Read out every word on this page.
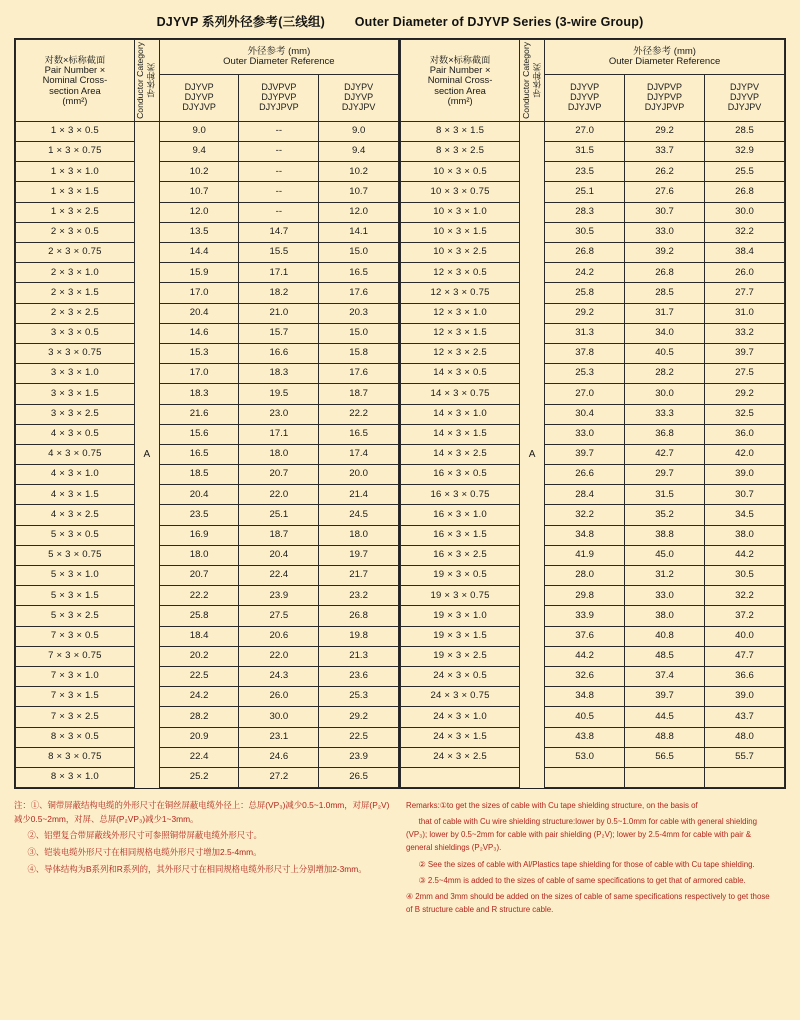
DJYVP 系列外径参考(三线组) Outer Diameter of DJYVP Series (3-wire Group)
对数×标称截面
Pair Number ×
Nominal Cross-
section Area
(mm²)	Conductor Category 导体种类

外径参考 (mm)
Outer Diameter Reference

DJYVP
DJYVP
DJYJVP

DJVPVP
DJYPVP
DJYJPVP

DJYPV
DJYVP
DJYJPV

1 × 3 × 0.5	A	9.0	--	9.0
1 × 3 × 0.75		9.4	--	9.4
1 × 3 × 1.0		10.2	--	10.2
1 × 3 × 1.5		10.7	--	10.7
1 × 3 × 2.5		12.0	--	12.0
2 × 3 × 0.5		13.5	14.7	14.1
2 × 3 × 0.75		14.4	15.5	15.0
2 × 3 × 1.0		15.9	17.1	16.5
2 × 3 × 1.5		17.0	18.2	17.6
2 × 3 × 2.5		20.4	21.0	20.3
3 × 3 × 0.5		14.6	15.7	15.0
3 × 3 × 0.75		15.3	16.6	15.8
3 × 3 × 1.0		17.0	18.3	17.6
3 × 3 × 1.5		18.3	19.5	18.7
3 × 3 × 2.5		21.6	23.0	22.2
4 × 3 × 0.5		15.6	17.1	16.5
4 × 3 × 0.75		16.5	18.0	17.4
4 × 3 × 1.0		18.5	20.7	20.0
4 × 3 × 1.5		20.4	22.0	21.4
4 × 3 × 2.5		23.5	25.1	24.5
5 × 3 × 0.5		16.9	18.7	18.0
5 × 3 × 0.75		18.0	20.4	19.7
5 × 3 × 1.0		20.7	22.4	21.7
5 × 3 × 1.5		22.2	23.9	23.2
5 × 3 × 2.5		25.8	27.5	26.8
7 × 3 × 0.5		18.4	20.6	19.8
7 × 3 × 0.75		20.2	22.0	21.3
7 × 3 × 1.0		22.5	24.3	23.6
7 × 3 × 1.5		24.2	26.0	25.3
7 × 3 × 2.5		28.2	30.0	29.2
8 × 3 × 0.5		20.9	23.1	22.5
8 × 3 × 0.75		22.4	24.6	23.9
8 × 3 × 1.0		25.2	27.2	26.5
对数×标称截面
Pair Number ×
Nominal Cross-
section Area
(mm²)	Conductor Category 导体种类

外径参考 (mm)
Outer Diameter Reference

DJYVP
DJYVP
DJYJVP

DJVPVP
DJYPVP
DJYJPVP

DJYPV
DJYVP
DJYJPV

8 × 3 × 1.5	A	27.0	29.2	28.5
8 × 3 × 2.5		31.5	33.7	32.9
10 × 3 × 0.5		23.5	26.2	25.5
10 × 3 × 0.75		25.1	27.6	26.8
10 × 3 × 1.0		28.3	30.7	30.0
10 × 3 × 1.5		30.5	33.0	32.2
10 × 3 × 2.5		26.8	39.2	38.4
12 × 3 × 0.5		24.2	26.8	26.0
12 × 3 × 0.75		25.8	28.5	27.7
12 × 3 × 1.0		29.2	31.7	31.0
12 × 3 × 1.5		31.3	34.0	33.2
12 × 3 × 2.5		37.8	40.5	39.7
14 × 3 × 0.5		25.3	28.2	27.5
14 × 3 × 0.75		27.0	30.0	29.2
14 × 3 × 1.0		30.4	33.3	32.5
14 × 3 × 1.5		33.0	36.8	36.0
14 × 3 × 2.5		39.7	42.7	42.0
16 × 3 × 0.5		26.6	29.7	39.0
16 × 3 × 0.75		28.4	31.5	30.7
16 × 3 × 1.0		32.2	35.2	34.5
16 × 3 × 1.5		34.8	38.8	38.0
16 × 3 × 2.5		41.9	45.0	44.2
19 × 3 × 0.5		28.0	31.2	30.5
19 × 3 × 0.75		29.8	33.0	32.2
19 × 3 × 1.0		33.9	38.0	37.2
19 × 3 × 1.5		37.6	40.8	40.0
19 × 3 × 2.5		44.2	48.5	47.7
24 × 3 × 0.5		32.6	37.4	36.6
24 × 3 × 0.75		34.8	39.7	39.0
24 × 3 × 1.0		40.5	44.5	43.7
24 × 3 × 1.5		43.8	48.8	48.0
24 × 3 × 2.5		53.0	56.5	55.7

注：①、铜带屏蔽结构电缆的外形尺寸在铜丝屏蔽电缆外径上：总屏(VP₃)减少0.5~1.0mm，对屏(P₂V)减少0.5~2mm，对屏、总屏(P₂VP₃)减少1~3mm。

②、铝塑复合带屏蔽线外形尺寸可参照铜带屏蔽电缆外形尺寸。

③、铠装电缆外形尺寸在相同规格电缆外形尺寸增加2.5-4mm。

④、导体结构为B系列和R系列的，其外形尺寸在相同规格电缆外形尺寸上分别增加2-3mm。

Remarks:①to get the sizes of cable with Cu tape shielding structure, on the basis of

that of cable with Cu wire shielding structure:lower by 0.5~1.0mm for cable with general shielding (VP₃); lower by 0.5~2mm for cable with pair shielding (P₂V); lower by 2.5-4mm for cable with pair & general shieldings (P₂VP₃).

② See the sizes of cable with Al/Plastics tape shielding for those of cable with Cu tape shielding.

③ 2.5~4mm is added to the sizes of cable of same specifications to get that of armored cable.

④ 2mm and 3mm should be added on the sizes of cable of same specifications respectively to get those of B structure cable and R structure cable.
